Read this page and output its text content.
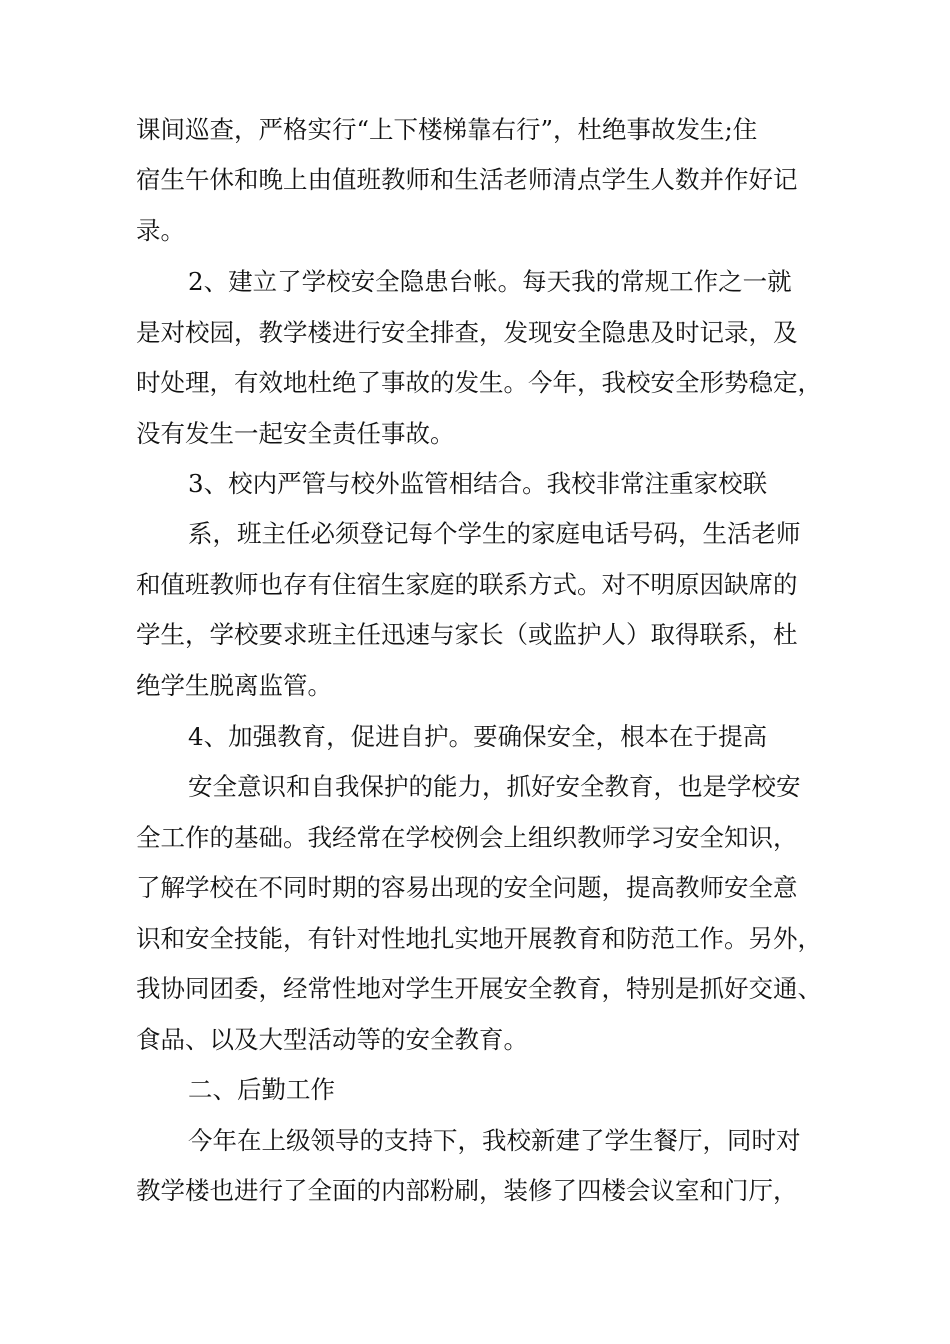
课间巡查，严格实行“上下楼梯靠右行”，杜绝事故发生;住
宿生午休和晚上由值班教师和生活老师清点学生人数并作好记
录。
2、建立了学校安全隐患台帐。每天我的常规工作之一就
是对校园，教学楼进行安全排查，发现安全隐患及时记录，及
时处理，有效地杜绝了事故的发生。今年，我校安全形势稳定，
没有发生一起安全责任事故。
3、校内严管与校外监管相结合。我校非常注重家校联
系，班主任必须登记每个学生的家庭电话号码，生活老师
和值班教师也存有住宿生家庭的联系方式。对不明原因缺席的
学生，学校要求班主任迅速与家长（或监护人）取得联系，杜
绝学生脱离监管。
4、加强教育，促进自护。要确保安全，根本在于提高
安全意识和自我保护的能力，抓好安全教育，也是学校安
全工作的基础。我经常在学校例会上组织教师学习安全知识，
了解学校在不同时期的容易出现的安全问题，提高教师安全意
识和安全技能，有针对性地扎实地开展教育和防范工作。另外，
我协同团委，经常性地对学生开展安全教育，特别是抓好交通、
食品、以及大型活动等的安全教育。
二、后勤工作
今年在上级领导的支持下，我校新建了学生餐厅，同时对
教学楼也进行了全面的内部粉刷，装修了四楼会议室和门厅，
